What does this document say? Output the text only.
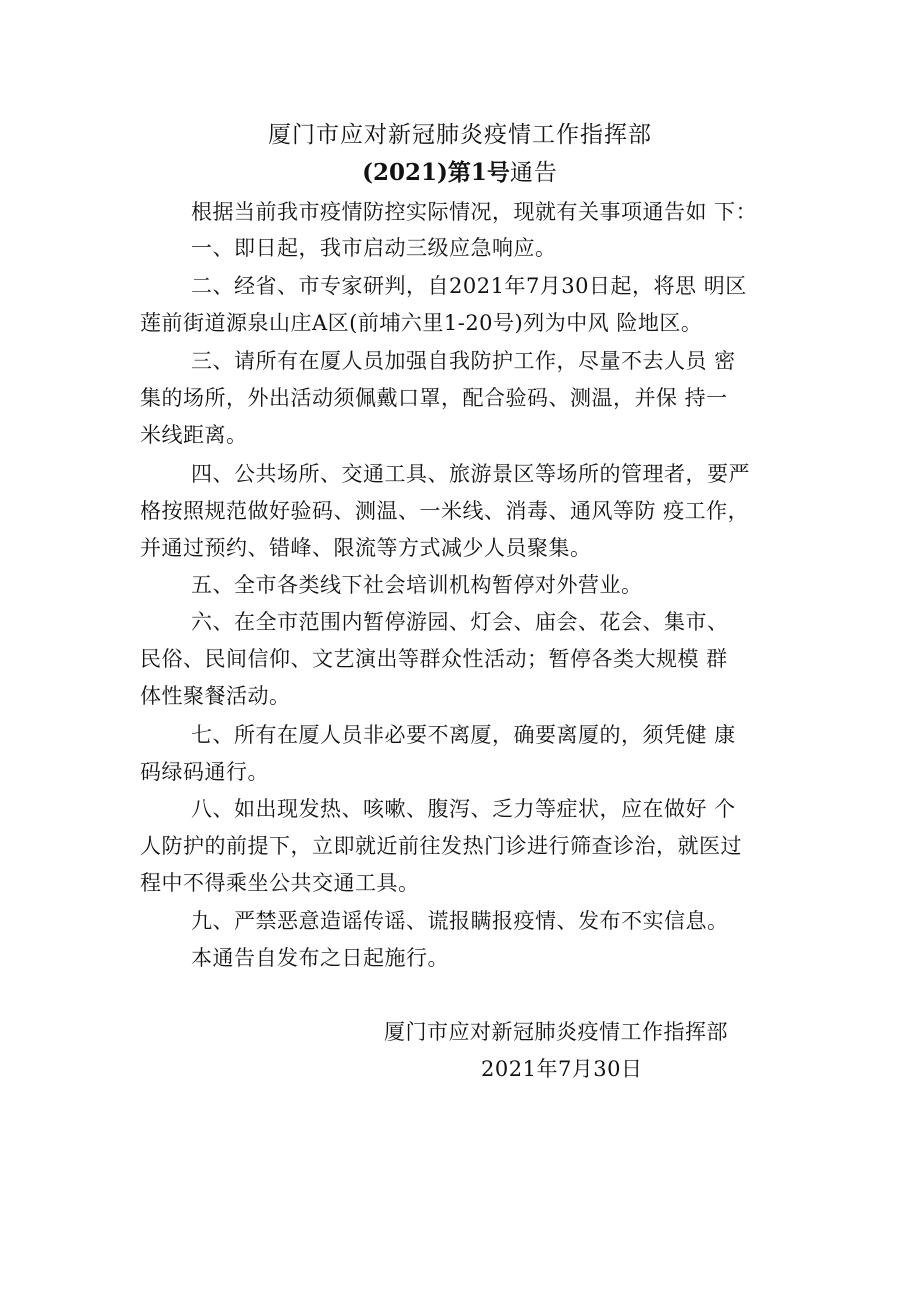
厦门市应对新冠肺炎疫情工作指挥部
(2021)第1号通告
根据当前我市疫情防控实际情况，现就有关事项通告如 下：
一、即日起，我市启动三级应急响应。
二、经省、市专家研判，自2021年7月30日起，将思 明区
莲前街道源泉山庄A区(前埔六里1-20号)列为中风 险地区。
三、请所有在厦人员加强自我防护工作，尽量不去人员 密
集的场所，外出活动须佩戴口罩，配合验码、测温，并保 持一
米线距离。
四、公共场所、交通工具、旅游景区等场所的管理者，要严
格按照规范做好验码、测温、一米线、消毒、通风等防 疫工作，
并通过预约、错峰、限流等方式减少人员聚集。
五、全市各类线下社会培训机构暂停对外营业。
六、在全市范围内暂停游园、灯会、庙会、花会、集市、
民俗、民间信仰、文艺演出等群众性活动；暂停各类大规模 群
体性聚餐活动。
七、所有在厦人员非必要不离厦，确要离厦的，须凭健 康
码绿码通行。
八、如出现发热、咳嗽、腹泻、乏力等症状，应在做好 个
人防护的前提下，立即就近前往发热门诊进行筛查诊治，就医过
程中不得乘坐公共交通工具。
九、严禁恶意造谣传谣、谎报瞒报疫情、发布不实信息。
本通告自发布之日起施行。
厦门市应对新冠肺炎疫情工作指挥部
2021年7月30日
